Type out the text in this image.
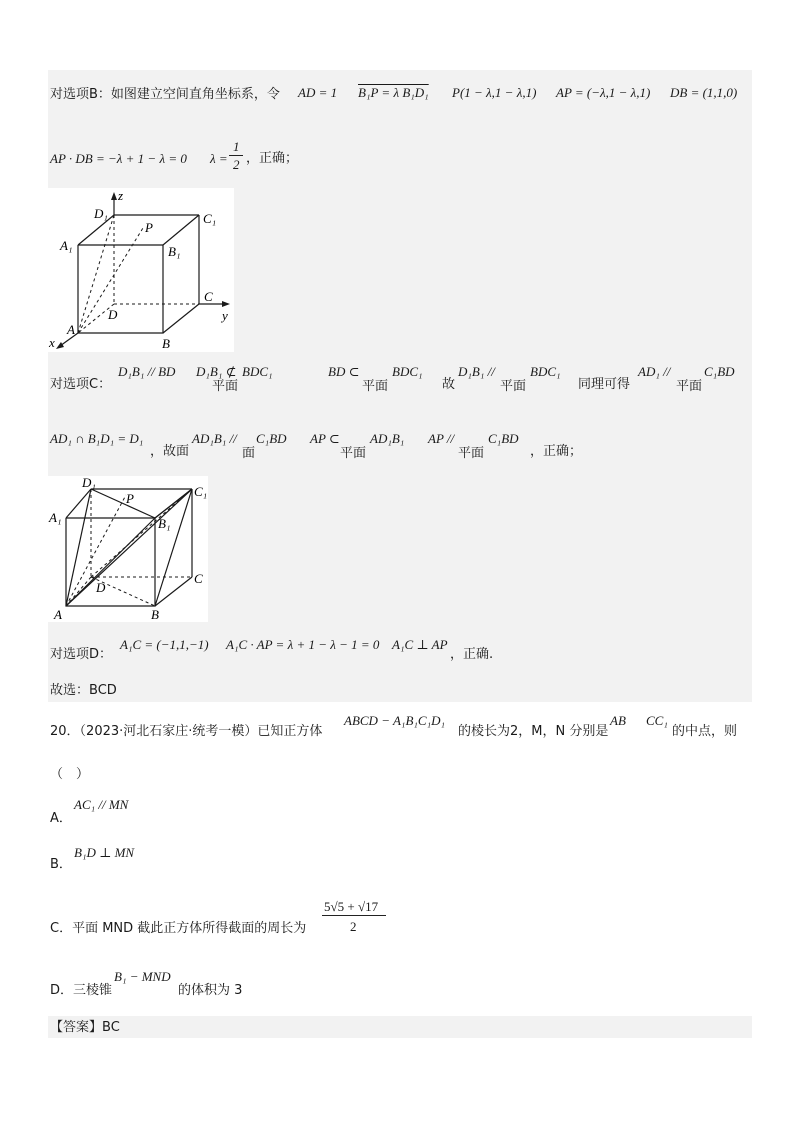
对选项B：如图建立空间直角坐标系，令 AD = 1 B₁P = λ B₁D₁ P(1 − λ,1 − λ,1) AP = (−λ,1 − λ,1) DB = (1,1,0)
AP · DB = −λ + 1 − λ = 0 λ =
1
2 ，正确；
z
D₁
P
C₁
A₁	B₁
C
D	y
A
B
x
对选项C：
D₁B₁ // BD D₁B₁ ⊄
平面
BDC₁	BD ⊂
平面
BDC₁
故
D₁B₁ //
平面
BDC₁
同理可得
AD₁ //
平面
C₁BD
AD₁ ∩ B₁D₁ = D₁
，故面
AD₁B₁ //
面
C₁BD AP ⊂
平面
AD₁B₁ AP //
平面
C₁BD
，正确；
D₁
P	C₁
A₁	B₁
C
D
A	B
对选项D：
A₁C = (−1,1,−1) A₁C · AP = λ + 1 − λ − 1 = 0 A₁C ⊥ AP
，正确.
故选：BCD
20．（2023·河北石家庄·统考一模）已知正方体
ABCD − A₁B₁C₁D₁
的棱长为2，M，N 分别是
AB CC₁
的中点，则
（　）
A．
AC₁ // MN
B．
B₁D ⊥ MN
C．平面 MND 截此正方体所得截面的周长为
5√5 + √17
2
D．三棱锥
B₁ − MND
的体积为 3
【答案】BC
